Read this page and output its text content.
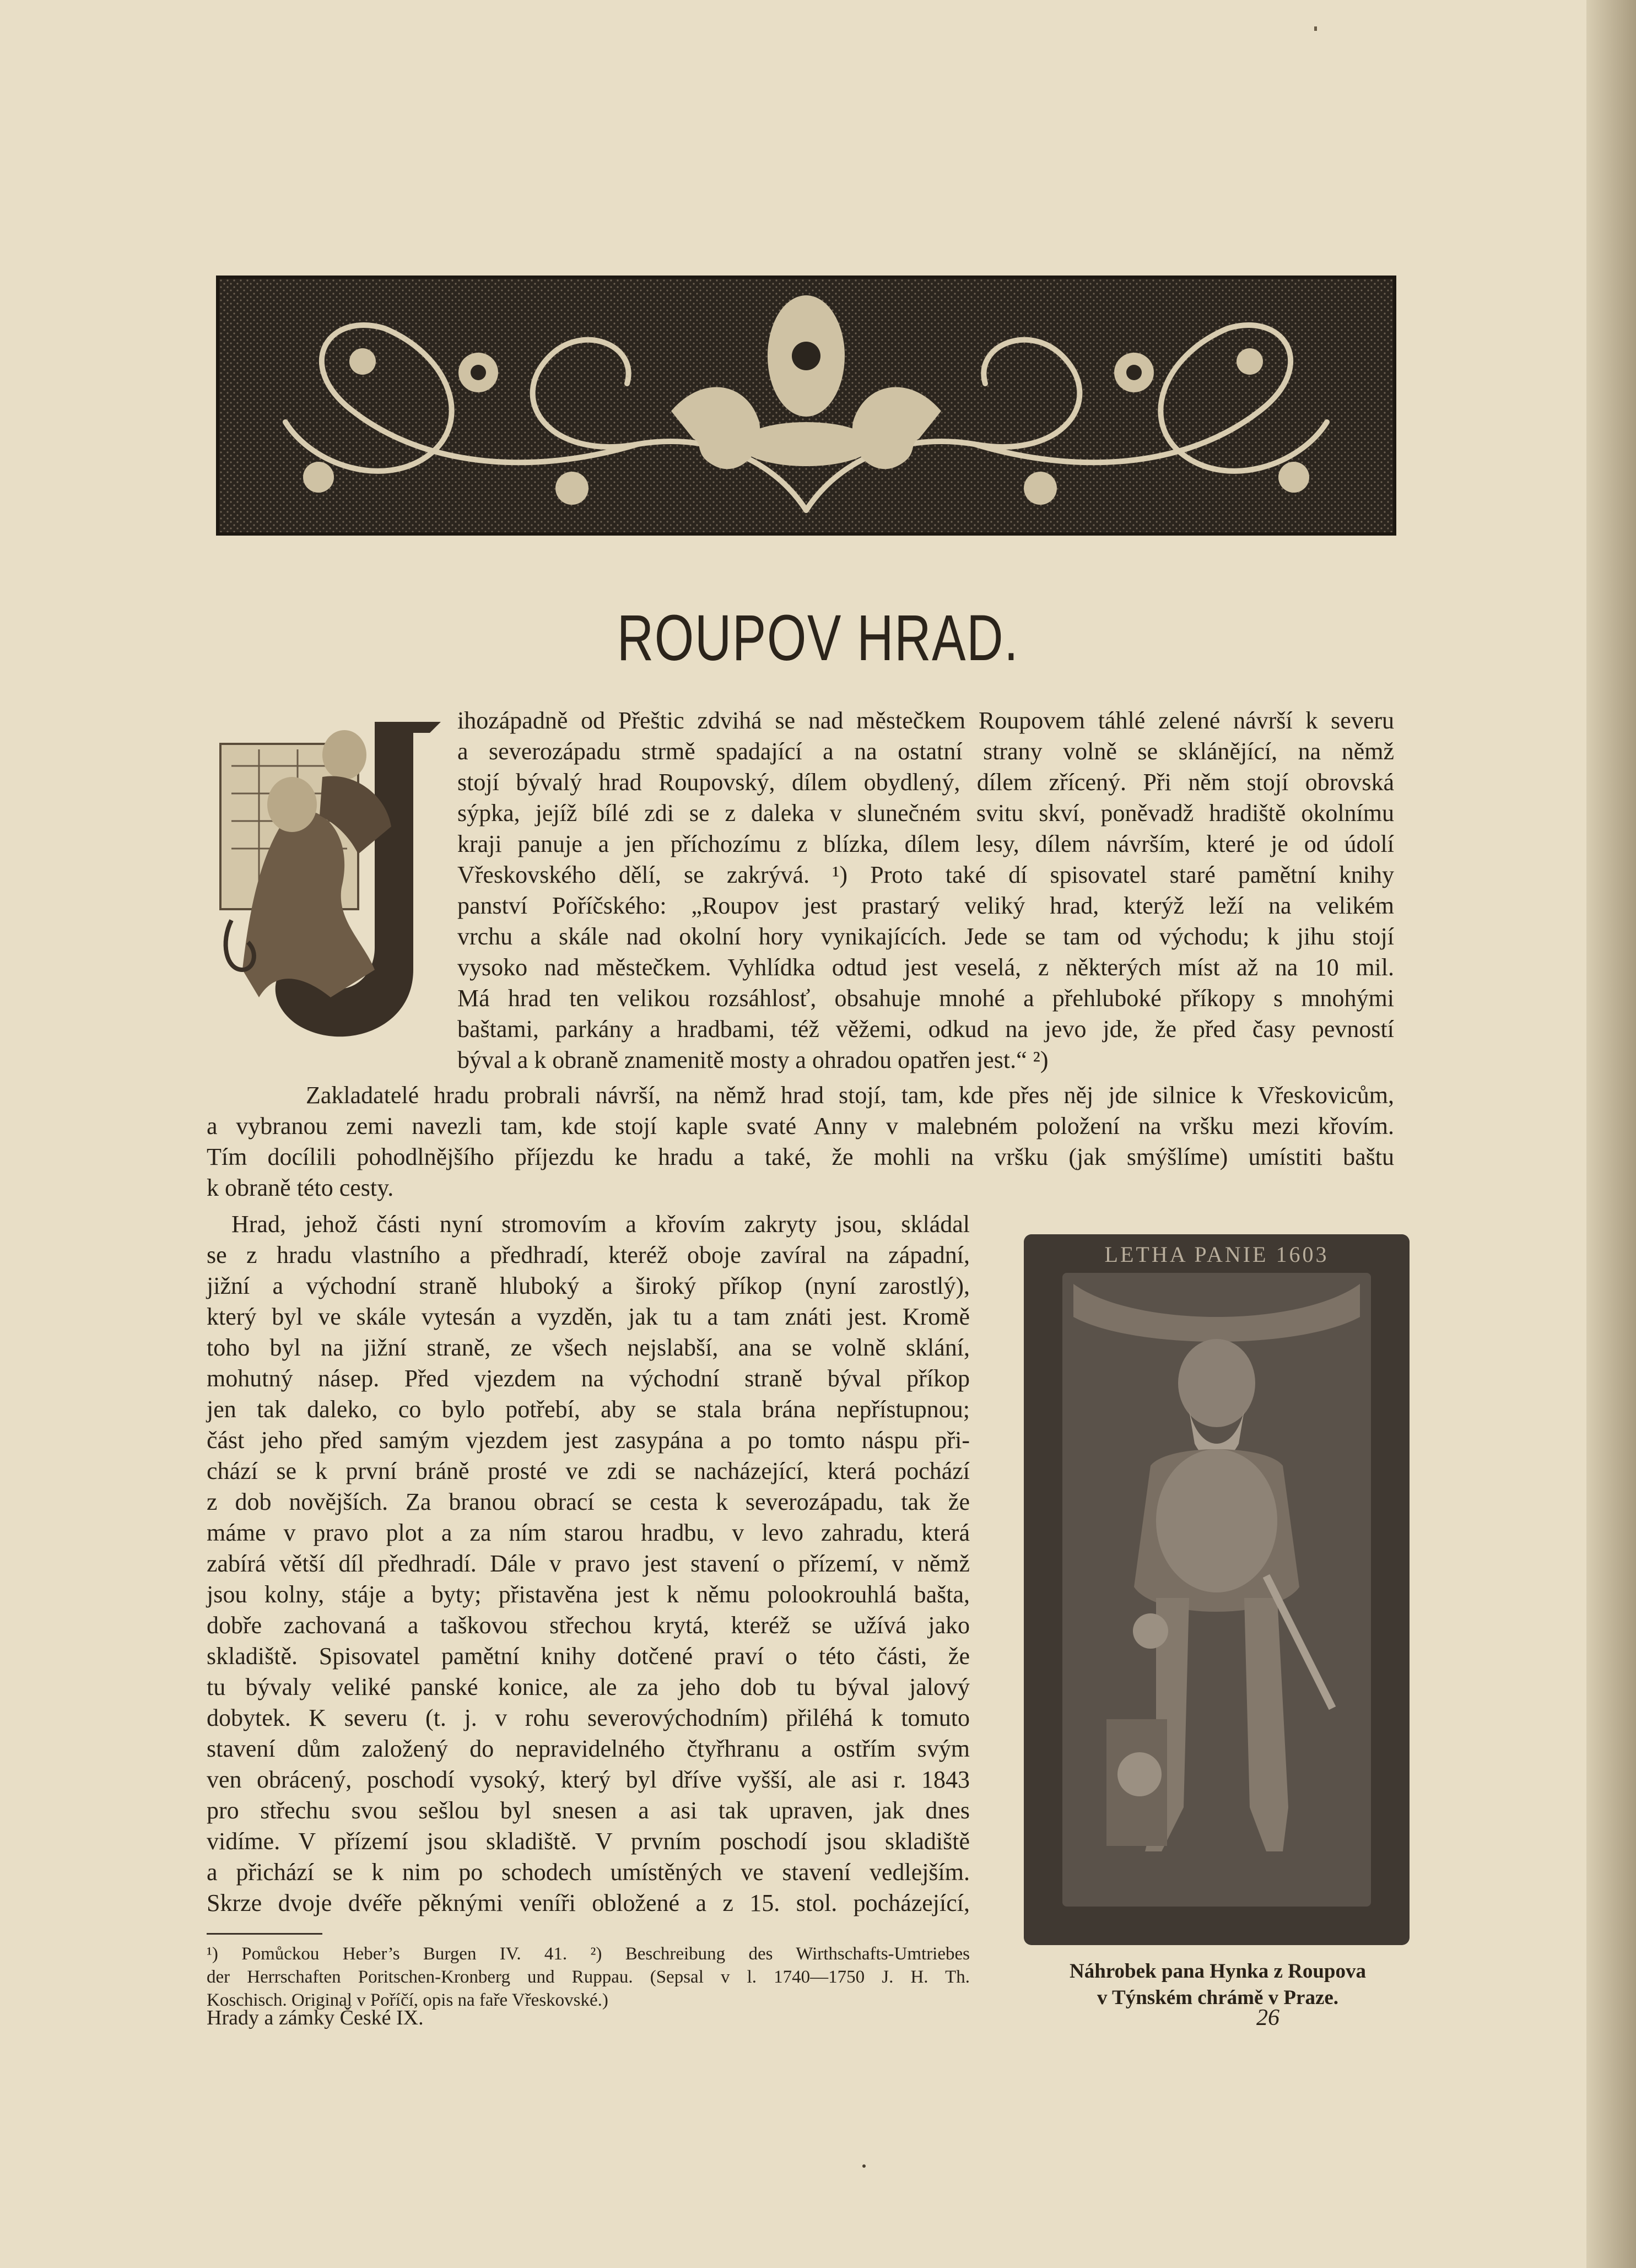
ROUPOV HRAD.
ihozápadně od Přeštic zdvihá se nad městečkem Roupovem táhlé zelené návrší k severu
a severozápadu strmě spadající a na ostatní strany volně se sklánějící, na němž
stojí bývalý hrad Roupovský, dílem obydlený, dílem zřícený. Při něm stojí obrovská
sýpka, jejíž bílé zdi se z daleka v slunečném svitu skví, poněvadž hradiště okolnímu
kraji panuje a jen příchozímu z blízka, dílem lesy, dílem návrším, které je od údolí
Vřeskovského dělí, se zakrývá. ¹) Proto také dí spisovatel staré pamětní knihy
panství Poříčského: „Roupov jest prastarý veliký hrad, kterýž leží na velikém
vrchu a skále nad okolní hory vynikajících. Jede se tam od východu; k jihu stojí
vysoko nad městečkem. Vyhlídka odtud jest veselá, z některých míst až na 10 mil.
Má hrad ten velikou rozsáhlosť, obsahuje mnohé a přehluboké příkopy s mnohými
baštami, parkány a hradbami, též věžemi, odkud na jevo jde, že před časy pevností
býval a k obraně znamenitě mosty a ohradou opatřen jest.“ ²)
Zakladatelé hradu probrali návrší, na němž hrad stojí, tam, kde přes něj jde silnice k Vřeskovicům,
a vybranou zemi navezli tam, kde stojí kaple svaté Anny v malebném položení na vršku mezi křovím.
Tím docílili pohodlnějšího příjezdu ke hradu a také, že mohli na vršku (jak smýšlíme) umístiti baštu
k obraně této cesty.
Hrad, jehož části nyní stromovím a křovím zakryty jsou, skládal
se z hradu vlastního a předhradí, kteréž oboje zavíral na západní,
jižní a východní straně hluboký a široký příkop (nyní zarostlý),
který byl ve skále vytesán a vyzděn, jak tu a tam znáti jest. Kromě
toho byl na jižní straně, ze všech nejslabší, ana se volně sklání,
mohutný násep. Před vjezdem na východní straně býval příkop
jen tak daleko, co bylo potřebí, aby se stala brána nepřístupnou;
část jeho před samým vjezdem jest zasypána a po tomto náspu při-
chází se k první bráně prosté ve zdi se nacházející, která pochází
z dob novějších. Za branou obrací se cesta k severozápadu, tak že
máme v pravo plot a za ním starou hradbu, v levo zahradu, která
zabírá větší díl předhradí. Dále v pravo jest stavení o přízemí, v němž
jsou kolny, stáje a byty; přistavěna jest k němu polookrouhlá bašta,
dobře zachovaná a taškovou střechou krytá, kteréž se užívá jako
skladiště. Spisovatel pamětní knihy dotčené praví o této části, že
tu bývaly veliké panské konice, ale za jeho dob tu býval jalový
dobytek. K severu (t. j. v rohu severovýchodním) přiléhá k tomuto
stavení dům založený do nepravidelného čtyřhranu a ostřím svým
ven obrácený, poschodí vysoký, který byl dříve vyšší, ale asi r. 1843
pro střechu svou sešlou byl snesen a asi tak upraven, jak dnes
vidíme. V přízemí jsou skladiště. V prvním poschodí jsou skladiště
a přichází se k nim po schodech umístěných ve stavení vedlejším.
Skrze dvoje dvéře pěknými veníři obložené a z 15. stol. pocházející,
LETHA PANIE 1603
Náhrobek pana Hynka z Roupova
v Týnském chrámě v Praze.
¹) Pomůckou Heber’s Burgen IV. 41. ²) Beschreibung des Wirthschafts-Umtriebes
der Herrschaften Poritschen-Kronberg und Ruppau. (Sepsal v l. 1740—1750 J. H. Th.
Koschisch. Original v Poříčí, opis na faře Vřeskovské.)
Hrady a zámky České IX.	26
